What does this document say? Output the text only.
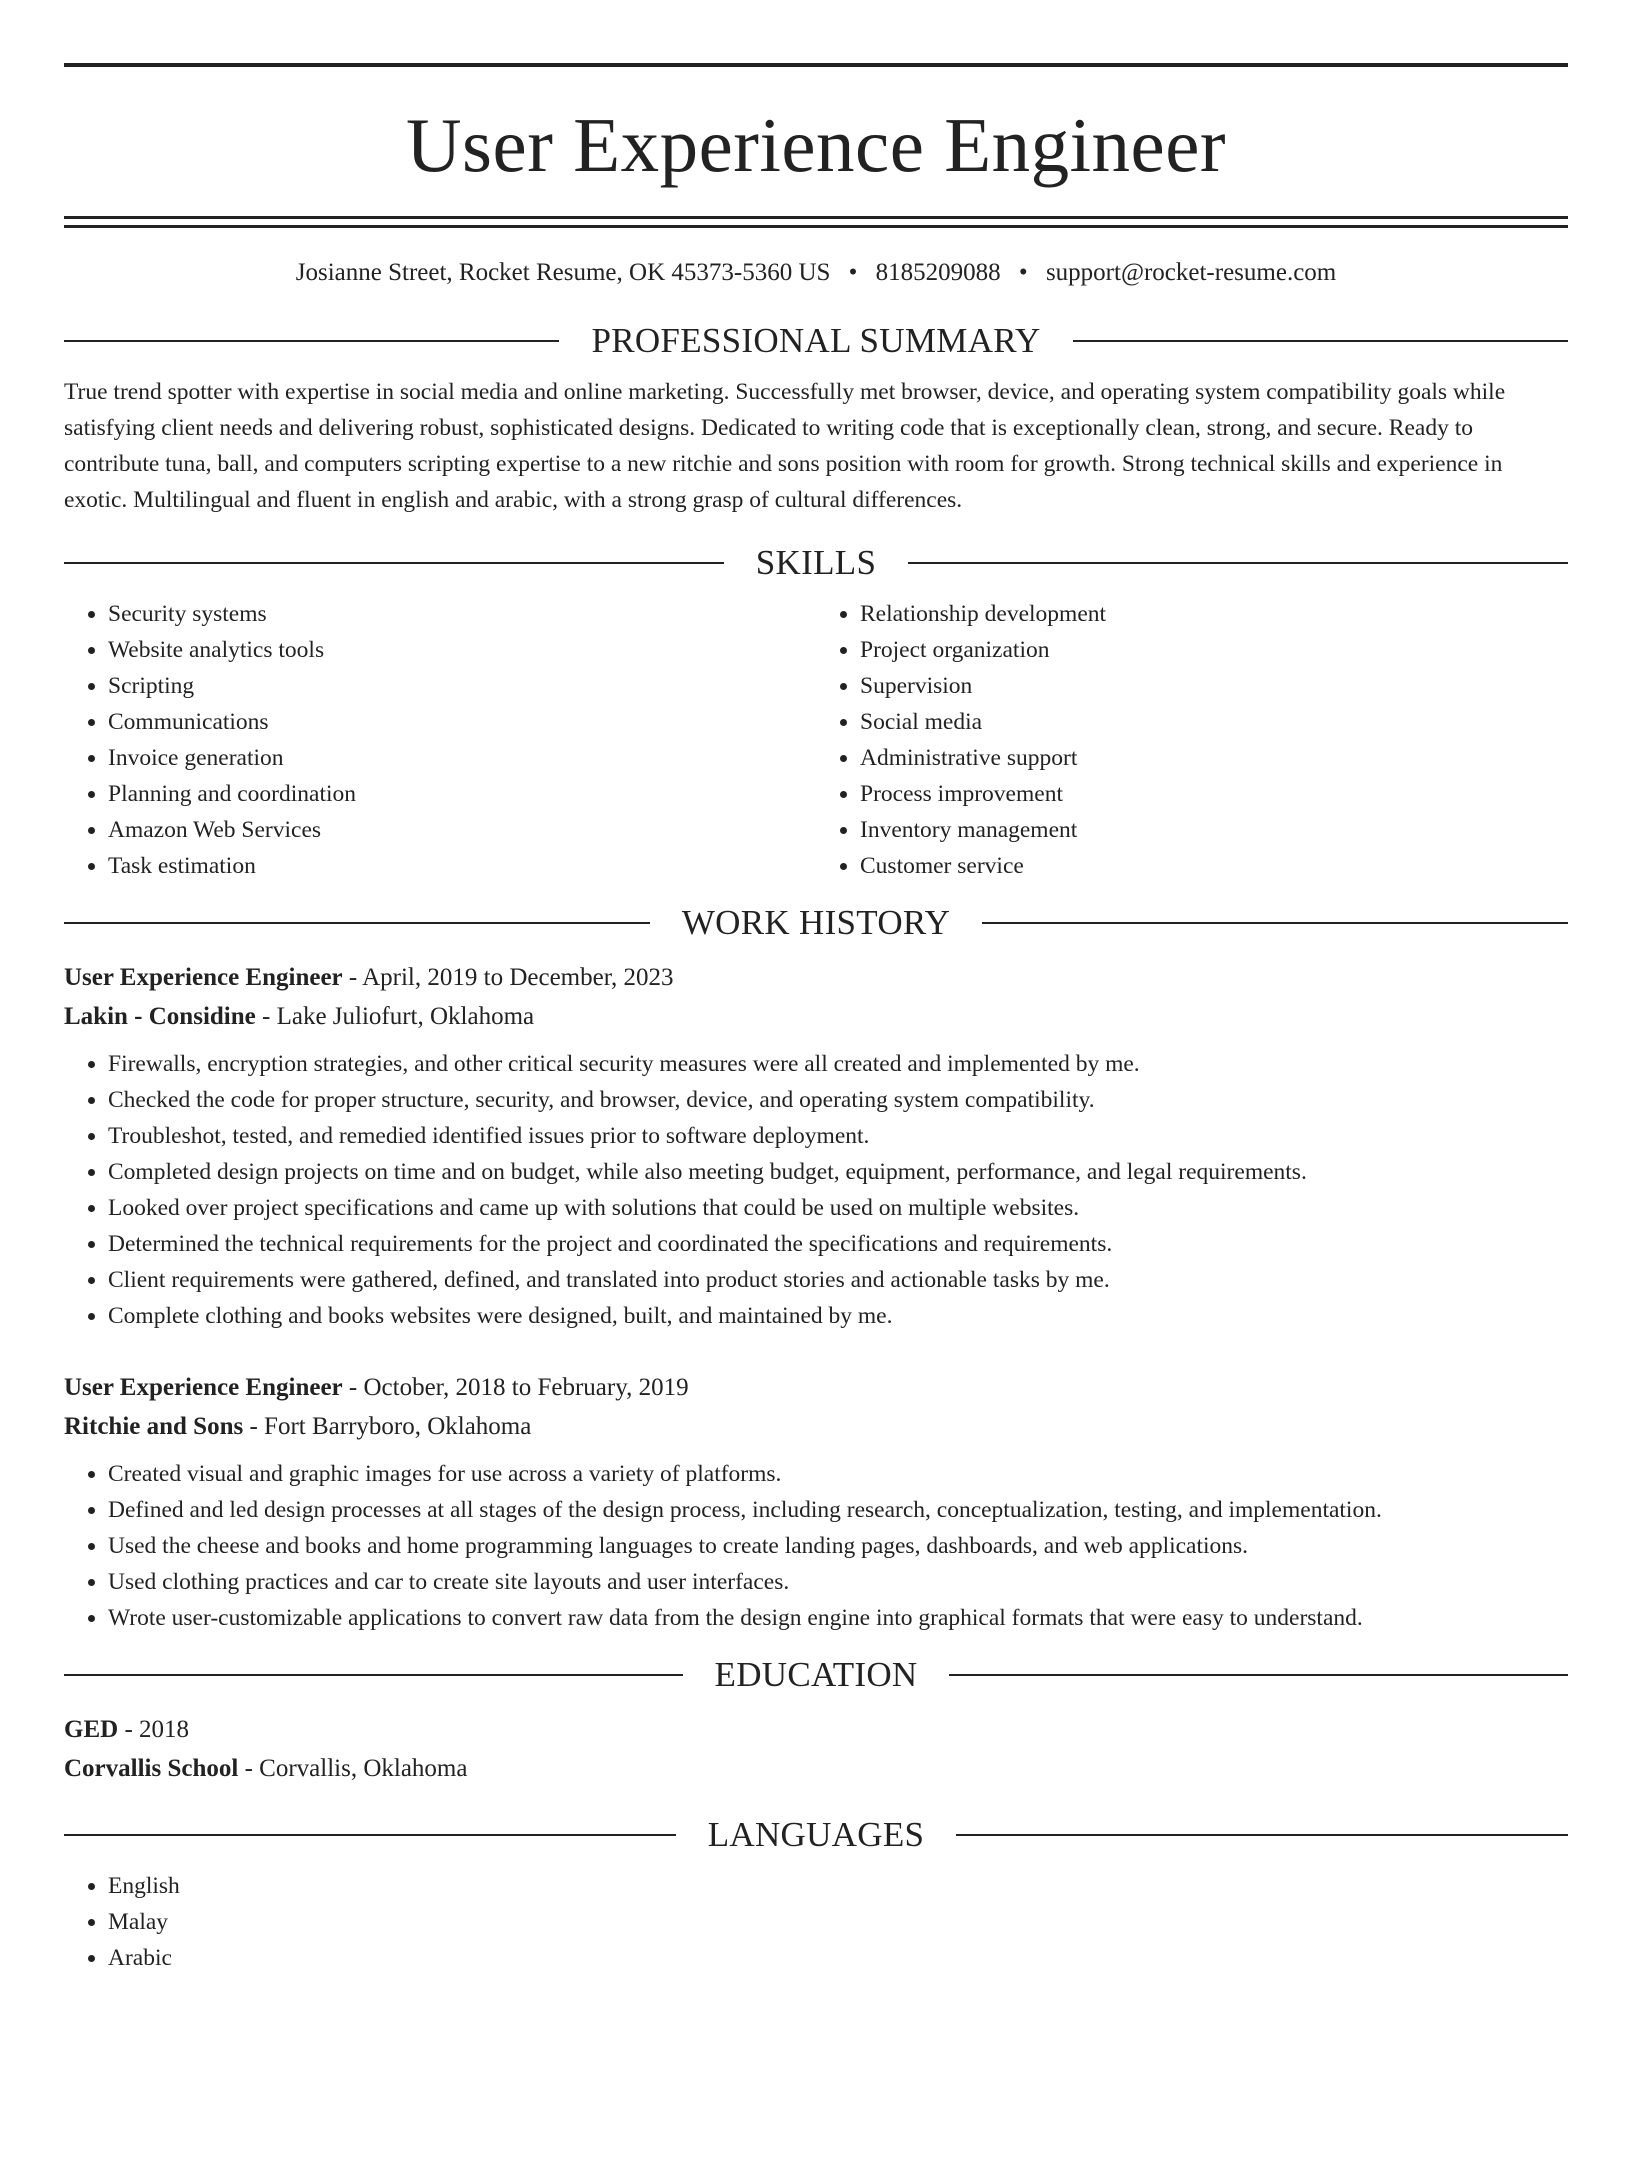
User Experience Engineer
Josianne Street, Rocket Resume, OK 45373-5360 US • 8185209088 • support@rocket-resume.com
PROFESSIONAL SUMMARY

True trend spotter with expertise in social media and online marketing. Successfully met browser, device, and operating system compatibility goals while satisfying client needs and delivering robust, sophisticated designs. Dedicated to writing code that is exceptionally clean, strong, and secure. Ready to contribute tuna, ball, and computers scripting expertise to a new ritchie and sons position with room for growth. Strong technical skills and experience in exotic. Multilingual and fluent in english and arabic, with a strong grasp of cultural differences.

SKILLS
• Security systems
• Website analytics tools
• Scripting
• Communications
• Invoice generation
• Planning and coordination
• Amazon Web Services
• Task estimation
• Relationship development
• Project organization
• Supervision
• Social media
• Administrative support
• Process improvement
• Inventory management
• Customer service
WORK HISTORY
User Experience Engineer - April, 2019 to December, 2023
Lakin - Considine - Lake Juliofurt, Oklahoma
• Firewalls, encryption strategies, and other critical security measures were all created and implemented by me.
• Checked the code for proper structure, security, and browser, device, and operating system compatibility.
• Troubleshot, tested, and remedied identified issues prior to software deployment.
• Completed design projects on time and on budget, while also meeting budget, equipment, performance, and legal requirements.
• Looked over project specifications and came up with solutions that could be used on multiple websites.
• Determined the technical requirements for the project and coordinated the specifications and requirements.
• Client requirements were gathered, defined, and translated into product stories and actionable tasks by me.
• Complete clothing and books websites were designed, built, and maintained by me.
User Experience Engineer - October, 2018 to February, 2019
Ritchie and Sons - Fort Barryboro, Oklahoma
• Created visual and graphic images for use across a variety of platforms.
• Defined and led design processes at all stages of the design process, including research, conceptualization, testing, and implementation.
• Used the cheese and books and home programming languages to create landing pages, dashboards, and web applications.
• Used clothing practices and car to create site layouts and user interfaces.
• Wrote user-customizable applications to convert raw data from the design engine into graphical formats that were easy to understand.
EDUCATION
GED - 2018
Corvallis School - Corvallis, Oklahoma
LANGUAGES
• English
• Malay
• Arabic
